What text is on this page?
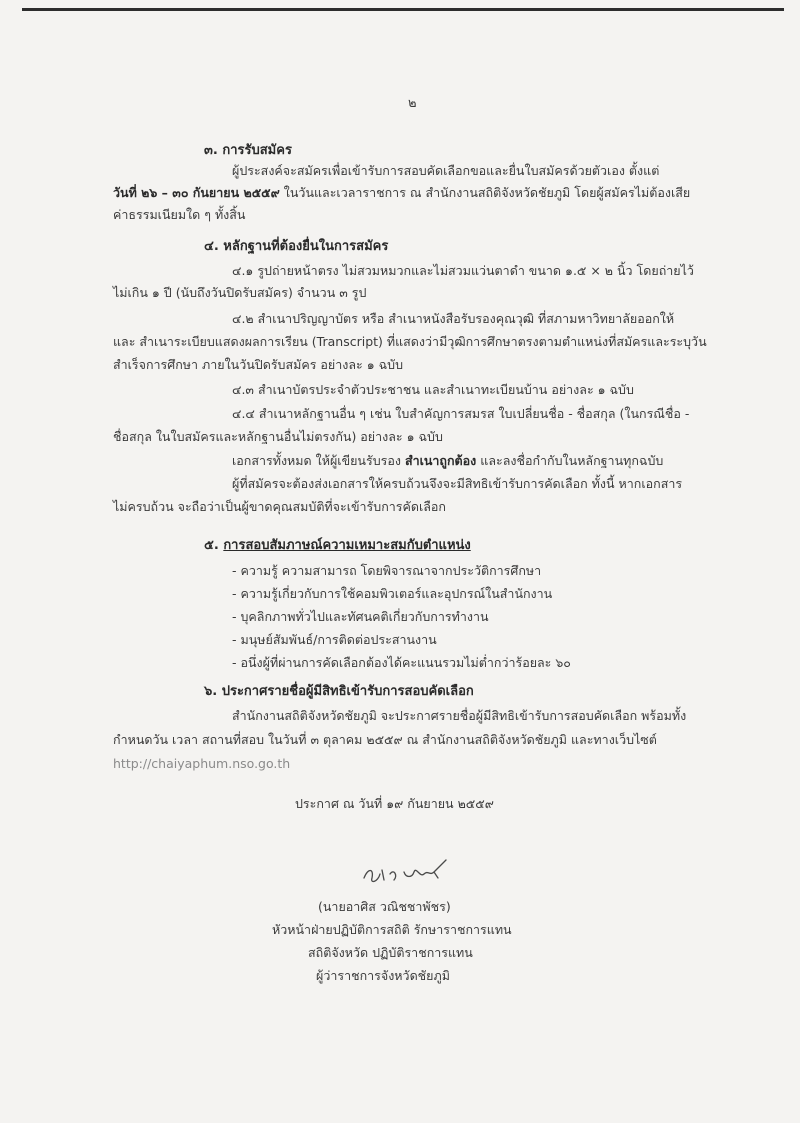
๒
๓. การรับสมัคร
ผู้ประสงค์จะสมัครเพื่อเข้ารับการสอบคัดเลือกขอและยื่นใบสมัครด้วยตัวเอง ตั้งแต่
วันที่ ๒๖ – ๓๐ กันยายน ๒๕๕๙ ในวันและเวลาราชการ ณ สำนักงานสถิติจังหวัดชัยภูมิ โดยผู้สมัครไม่ต้องเสีย
ค่าธรรมเนียมใด ๆ ทั้งสิ้น
๔. หลักฐานที่ต้องยื่นในการสมัคร
๔.๑ รูปถ่ายหน้าตรง ไม่สวมหมวกและไม่สวมแว่นตาดำ ขนาด ๑.๕ × ๒ นิ้ว โดยถ่ายไว้
ไม่เกิน ๑ ปี (นับถึงวันปิดรับสมัคร) จำนวน ๓ รูป
๔.๒ สำเนาปริญญาบัตร หรือ สำเนาหนังสือรับรองคุณวุฒิ ที่สภามหาวิทยาลัยออกให้
และ สำเนาระเบียบแสดงผลการเรียน (Transcript) ที่แสดงว่ามีวุฒิการศึกษาตรงตามตำแหน่งที่สมัครและระบุวัน
สำเร็จการศึกษา ภายในวันปิดรับสมัคร อย่างละ ๑ ฉบับ
๔.๓ สำเนาบัตรประจำตัวประชาชน และสำเนาทะเบียนบ้าน อย่างละ ๑ ฉบับ
๔.๔ สำเนาหลักฐานอื่น ๆ เช่น ใบสำคัญการสมรส ใบเปลี่ยนชื่อ - ชื่อสกุล (ในกรณีชื่อ -
ชื่อสกุล ในใบสมัครและหลักฐานอื่นไม่ตรงกัน) อย่างละ ๑ ฉบับ
เอกสารทั้งหมด ให้ผู้เขียนรับรอง สำเนาถูกต้อง และลงชื่อกำกับในหลักฐานทุกฉบับ
ผู้ที่สมัครจะต้องส่งเอกสารให้ครบถ้วนจึงจะมีสิทธิเข้ารับการคัดเลือก ทั้งนี้ หากเอกสาร
ไม่ครบถ้วน จะถือว่าเป็นผู้ขาดคุณสมบัติที่จะเข้ารับการคัดเลือก
๕. การสอบสัมภาษณ์ความเหมาะสมกับตำแหน่ง
- ความรู้ ความสามารถ โดยพิจารณาจากประวัติการศึกษา
- ความรู้เกี่ยวกับการใช้คอมพิวเตอร์และอุปกรณ์ในสำนักงาน
- บุคลิกภาพทั่วไปและทัศนคติเกี่ยวกับการทำงาน
- มนุษย์สัมพันธ์/การติดต่อประสานงาน
- อนึ่งผู้ที่ผ่านการคัดเลือกต้องได้คะแนนรวมไม่ต่ำกว่าร้อยละ ๖๐
๖. ประกาศรายชื่อผู้มีสิทธิเข้ารับการสอบคัดเลือก
สำนักงานสถิติจังหวัดชัยภูมิ จะประกาศรายชื่อผู้มีสิทธิเข้ารับการสอบคัดเลือก พร้อมทั้ง
กำหนดวัน เวลา สถานที่สอบ ในวันที่ ๓ ตุลาคม ๒๕๕๙ ณ สำนักงานสถิติจังหวัดชัยภูมิ และทางเว็บไซต์
http://chaiyaphum.nso.go.th
ประกาศ ณ วันที่ ๑๙ กันยายน ๒๕๕๙
(นายอาศิส วณิชชาพัชร)
หัวหน้าฝ่ายปฏิบัติการสถิติ รักษาราชการแทน
สถิติจังหวัด ปฏิบัติราชการแทน
ผู้ว่าราชการจังหวัดชัยภูมิ
